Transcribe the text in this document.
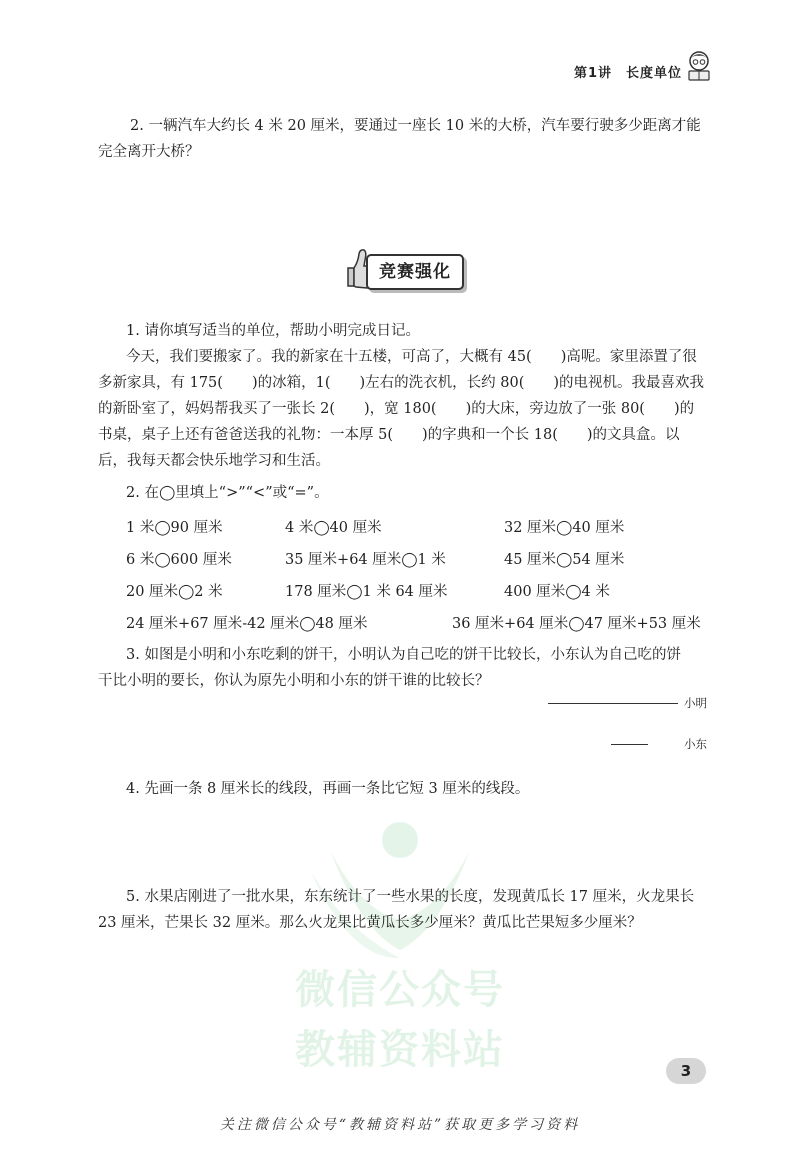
第1讲　长度单位
2. 一辆汽车大约长 4 米 20 厘米，要通过一座长 10 米的大桥，汽车要行驶多少距离才能
完全离开大桥？
竞赛强化
1. 请你填写适当的单位，帮助小明完成日记。
今天，我们要搬家了。我的新家在十五楼，可高了，大概有 45(　　)高呢。家里添置了很
多新家具，有 175(　　)的冰箱，1(　　)左右的洗衣机，长约 80(　　)的电视机。我最喜欢我
的新卧室了，妈妈帮我买了一张长 2(　　)，宽 180(　　)的大床，旁边放了一张 80(　　)的
书桌，桌子上还有爸爸送我的礼物：一本厚 5(　　)的字典和一个长 18(　　)的文具盒。以
后，我每天都会快乐地学习和生活。
2. 在◯里填上“>”“<”或“=”。
1 米◯90 厘米	4 米◯40 厘米	32 厘米◯40 厘米
6 米◯600 厘米	35 厘米+64 厘米◯1 米	45 厘米◯54 厘米
20 厘米◯2 米	178 厘米◯1 米 64 厘米	400 厘米◯4 米
24 厘米+67 厘米-42 厘米◯48 厘米	36 厘米+64 厘米◯47 厘米+53 厘米
3. 如图是小明和小东吃剩的饼干，小明认为自己吃的饼干比较长，小东认为自己吃的饼
干比小明的要长，你认为原先小明和小东的饼干谁的比较长？
小明
小东
4. 先画一条 8 厘米长的线段，再画一条比它短 3 厘米的线段。
5. 水果店刚进了一批水果，东东统计了一些水果的长度，发现黄瓜长 17 厘米，火龙果长
23 厘米，芒果长 32 厘米。那么火龙果比黄瓜长多少厘米？黄瓜比芒果短多少厘米？
微信公众号
教辅资料站	3
关注微信公众号“教辅资料站”获取更多学习资料
